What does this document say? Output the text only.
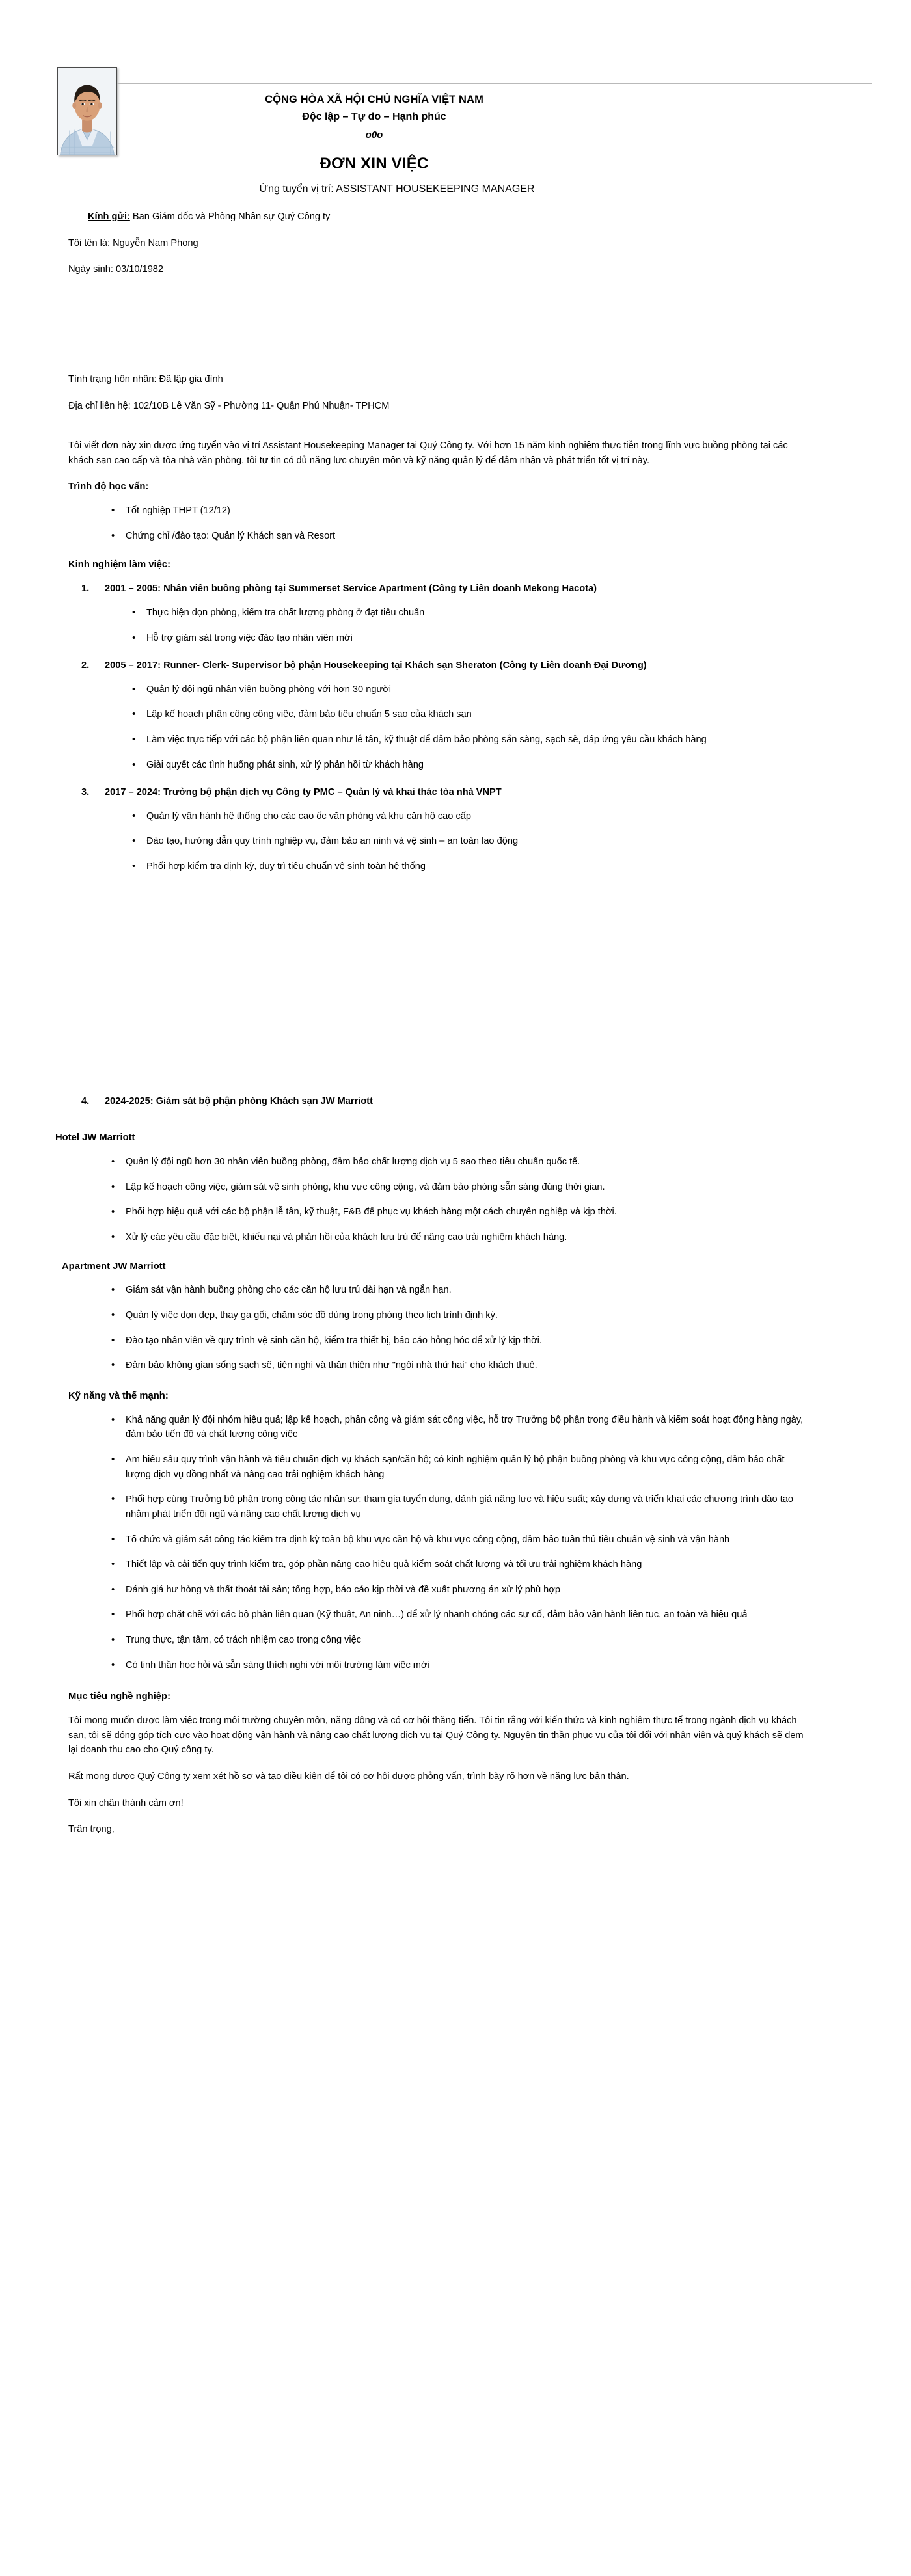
CỘNG HÒA XÃ HỘI CHỦ NGHĨA VIỆT NAM
Độc lập – Tự do – Hạnh phúc
o0o
ĐƠN XIN VIỆC
Ứng tuyển vị trí: ASSISTANT HOUSEKEEPING MANAGER

Kính gửi: Ban Giám đốc và Phòng Nhân sự Quý Công ty

Tôi tên là: Nguyễn Nam Phong

Ngày sinh: 03/10/1982

Tình trạng hôn nhân: Đã lập gia đình

Địa chỉ liên hệ: 102/10B Lê Văn Sỹ - Phường 11- Quận Phú Nhuận- TPHCM

Tôi viết đơn này xin được ứng tuyển vào vị trí Assistant Housekeeping Manager tại Quý Công ty. Với hơn 15 năm kinh nghiệm thực tiễn trong lĩnh vực buồng phòng tại các khách sạn cao cấp và tòa nhà văn phòng, tôi tự tin có đủ năng lực chuyên môn và kỹ năng quản lý để đảm nhận và phát triển tốt vị trí này.

Trình độ học vấn:

• Tốt nghiệp THPT (12/12)
• Chứng chỉ /đào tạo: Quản lý Khách sạn và Resort

Kinh nghiệm làm việc:

2001 – 2005: Nhân viên buồng phòng tại Summerset Service Apartment (Công ty Liên doanh Mekong Hacota)

• Thực hiện dọn phòng, kiểm tra chất lượng phòng ở đạt tiêu chuẩn
• Hỗ trợ giám sát trong việc đào tạo nhân viên mới

2005 – 2017: Runner- Clerk- Supervisor bộ phận Housekeeping tại Khách sạn Sheraton (Công ty Liên doanh Đại Dương)

• Quản lý đội ngũ nhân viên buồng phòng với hơn 30 người
• Lập kế hoạch phân công công việc, đảm bảo tiêu chuẩn 5 sao của khách sạn
• Làm việc trực tiếp với các bộ phận liên quan như lễ tân, kỹ thuật để đảm bảo phòng sẵn sàng, sạch sẽ, đáp ứng yêu cầu khách hàng
• Giải quyết các tình huống phát sinh, xử lý phản hồi từ khách hàng

2017 – 2024: Trưởng bộ phận dịch vụ Công ty PMC – Quản lý và khai thác tòa nhà VNPT

• Quản lý vận hành hệ thống cho các cao ốc văn phòng và khu căn hộ cao cấp
• Đào tạo, hướng dẫn quy trình nghiệp vụ, đảm bảo an ninh và vệ sinh – an toàn lao động
• Phối hợp kiểm tra định kỳ, duy trì tiêu chuẩn vệ sinh toàn hệ thống

2024-2025: Giám sát bộ phận phòng Khách sạn JW Marriott

Hotel JW Marriott

• Quản lý đội ngũ hơn 30 nhân viên buồng phòng, đảm bảo chất lượng dịch vụ 5 sao theo tiêu chuẩn quốc tế.
• Lập kế hoạch công việc, giám sát vệ sinh phòng, khu vực công cộng, và đảm bảo phòng sẵn sàng đúng thời gian.
• Phối hợp hiệu quả với các bộ phận lễ tân, kỹ thuật, F&B để phục vụ khách hàng một cách chuyên nghiệp và kịp thời.
• Xử lý các yêu cầu đặc biệt, khiếu nại và phản hồi của khách lưu trú để nâng cao trải nghiệm khách hàng.

Apartment JW Marriott

• Giám sát vận hành buồng phòng cho các căn hộ lưu trú dài hạn và ngắn hạn.
• Quản lý việc dọn dẹp, thay ga gối, chăm sóc đồ dùng trong phòng theo lịch trình định kỳ.
• Đào tạo nhân viên về quy trình vệ sinh căn hộ, kiểm tra thiết bị, báo cáo hỏng hóc để xử lý kịp thời.
• Đảm bảo không gian sống sạch sẽ, tiện nghi và thân thiện như "ngôi nhà thứ hai" cho khách thuê.

Kỹ năng và thế mạnh:

• Khả năng quản lý đội nhóm hiệu quả; lập kế hoạch, phân công và giám sát công việc, hỗ trợ Trưởng bộ phận trong điều hành và kiểm soát hoạt động hàng ngày, đảm bảo tiến độ và chất lượng công việc
• Am hiểu sâu quy trình vận hành và tiêu chuẩn dịch vụ khách sạn/căn hộ; có kinh nghiệm quản lý bộ phận buồng phòng và khu vực công cộng, đảm bảo chất lượng dịch vụ đồng nhất và nâng cao trải nghiệm khách hàng
• Phối hợp cùng Trưởng bộ phận trong công tác nhân sự: tham gia tuyển dụng, đánh giá năng lực và hiệu suất; xây dựng và triển khai các chương trình đào tạo nhằm phát triển đội ngũ và nâng cao chất lượng dịch vụ
• Tổ chức và giám sát công tác kiểm tra định kỳ toàn bộ khu vực căn hộ và khu vực công cộng, đảm bảo tuân thủ tiêu chuẩn vệ sinh và vận hành
• Thiết lập và cải tiến quy trình kiểm tra, góp phần nâng cao hiệu quả kiểm soát chất lượng và tối ưu trải nghiệm khách hàng
• Đánh giá hư hỏng và thất thoát tài sản; tổng hợp, báo cáo kịp thời và đề xuất phương án xử lý phù hợp
• Phối hợp chặt chẽ với các bộ phận liên quan (Kỹ thuật, An ninh…) để xử lý nhanh chóng các sự cố, đảm bảo vận hành liên tục, an toàn và hiệu quả
• Trung thực, tận tâm, có trách nhiệm cao trong công việc
• Có tinh thần học hỏi và sẵn sàng thích nghi với môi trường làm việc mới

Mục tiêu nghề nghiệp:

Tôi mong muốn được làm việc trong môi trường chuyên môn, năng động và có cơ hội thăng tiến. Tôi tin rằng với kiến thức và kinh nghiệm thực tế trong ngành dịch vụ khách sạn, tôi sẽ đóng góp tích cực vào hoạt động vận hành và nâng cao chất lượng dịch vụ tại Quý Công ty. Nguyện tin thần phục vụ của tôi đối với nhân viên và quý khách sẽ đem lại doanh thu cao cho Quý công ty.

Rất mong được Quý Công ty xem xét hồ sơ và tạo điều kiện để tôi có cơ hội được phỏng vấn, trình bày rõ hơn về năng lực bản thân.

Tôi xin chân thành cảm ơn!

Trân trọng,
